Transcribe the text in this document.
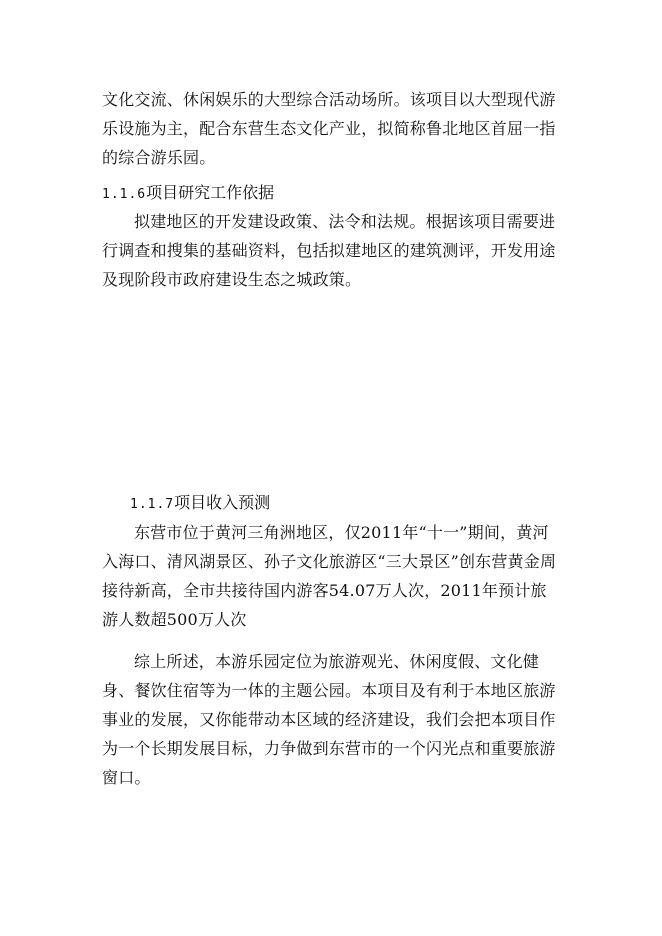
文化交流、休闲娱乐的大型综合活动场所。该项目以大型现代游乐设施为主，配合东营生态文化产业，拟简称鲁北地区首屈一指的综合游乐园。

1.1.6项目研究工作依据

拟建地区的开发建设政策、法令和法规。根据该项目需要进行调查和搜集的基础资料，包括拟建地区的建筑测评，开发用途及现阶段市政府建设生态之城政策。

1.1.7项目收入预测

东营市位于黄河三角洲地区，仅2011年“十一”期间，黄河入海口、清风湖景区、孙子文化旅游区“三大景区”创东营黄金周接待新高，全市共接待国内游客54.07万人次，2011年预计旅游人数超500万人次

综上所述，本游乐园定位为旅游观光、休闲度假、文化健身、餐饮住宿等为一体的主题公园。本项目及有利于本地区旅游事业的发展，又你能带动本区域的经济建设，我们会把本项目作为一个长期发展目标，力争做到东营市的一个闪光点和重要旅游窗口。
